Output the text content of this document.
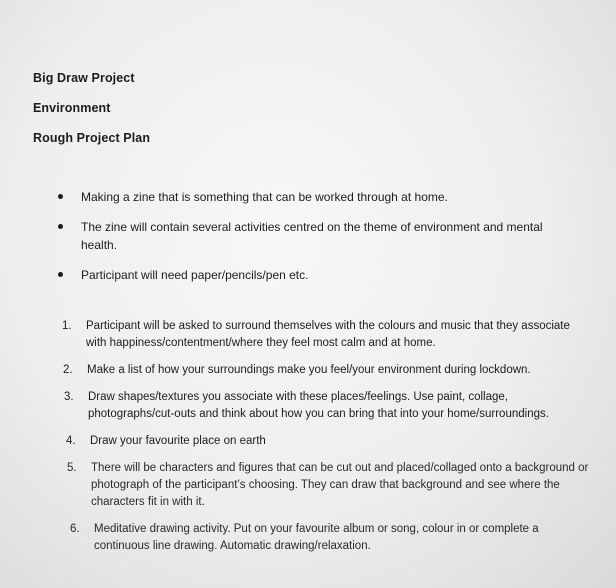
Big Draw Project
Environment
Rough Project Plan
Making a zine that is something that can be worked through at home.
The zine will contain several activities centred on the theme of environment and mental health.
Participant will need paper/pencils/pen etc.
1. Participant will be asked to surround themselves with the colours and music that they associate with happiness/contentment/where they feel most calm and at home.
2. Make a list of how your surroundings make you feel/your environment during lockdown.
3. Draw shapes/textures you associate with these places/feelings. Use paint, collage, photographs/cut-outs and think about how you can bring that into your home/surroundings.
4. Draw your favourite place on earth
5. There will be characters and figures that can be cut out and placed/collaged onto a background or photograph of the participant’s choosing. They can draw that background and see where the characters fit in with it.
6. Meditative drawing activity. Put on your favourite album or song, colour in or complete a continuous line drawing. Automatic drawing/relaxation.
